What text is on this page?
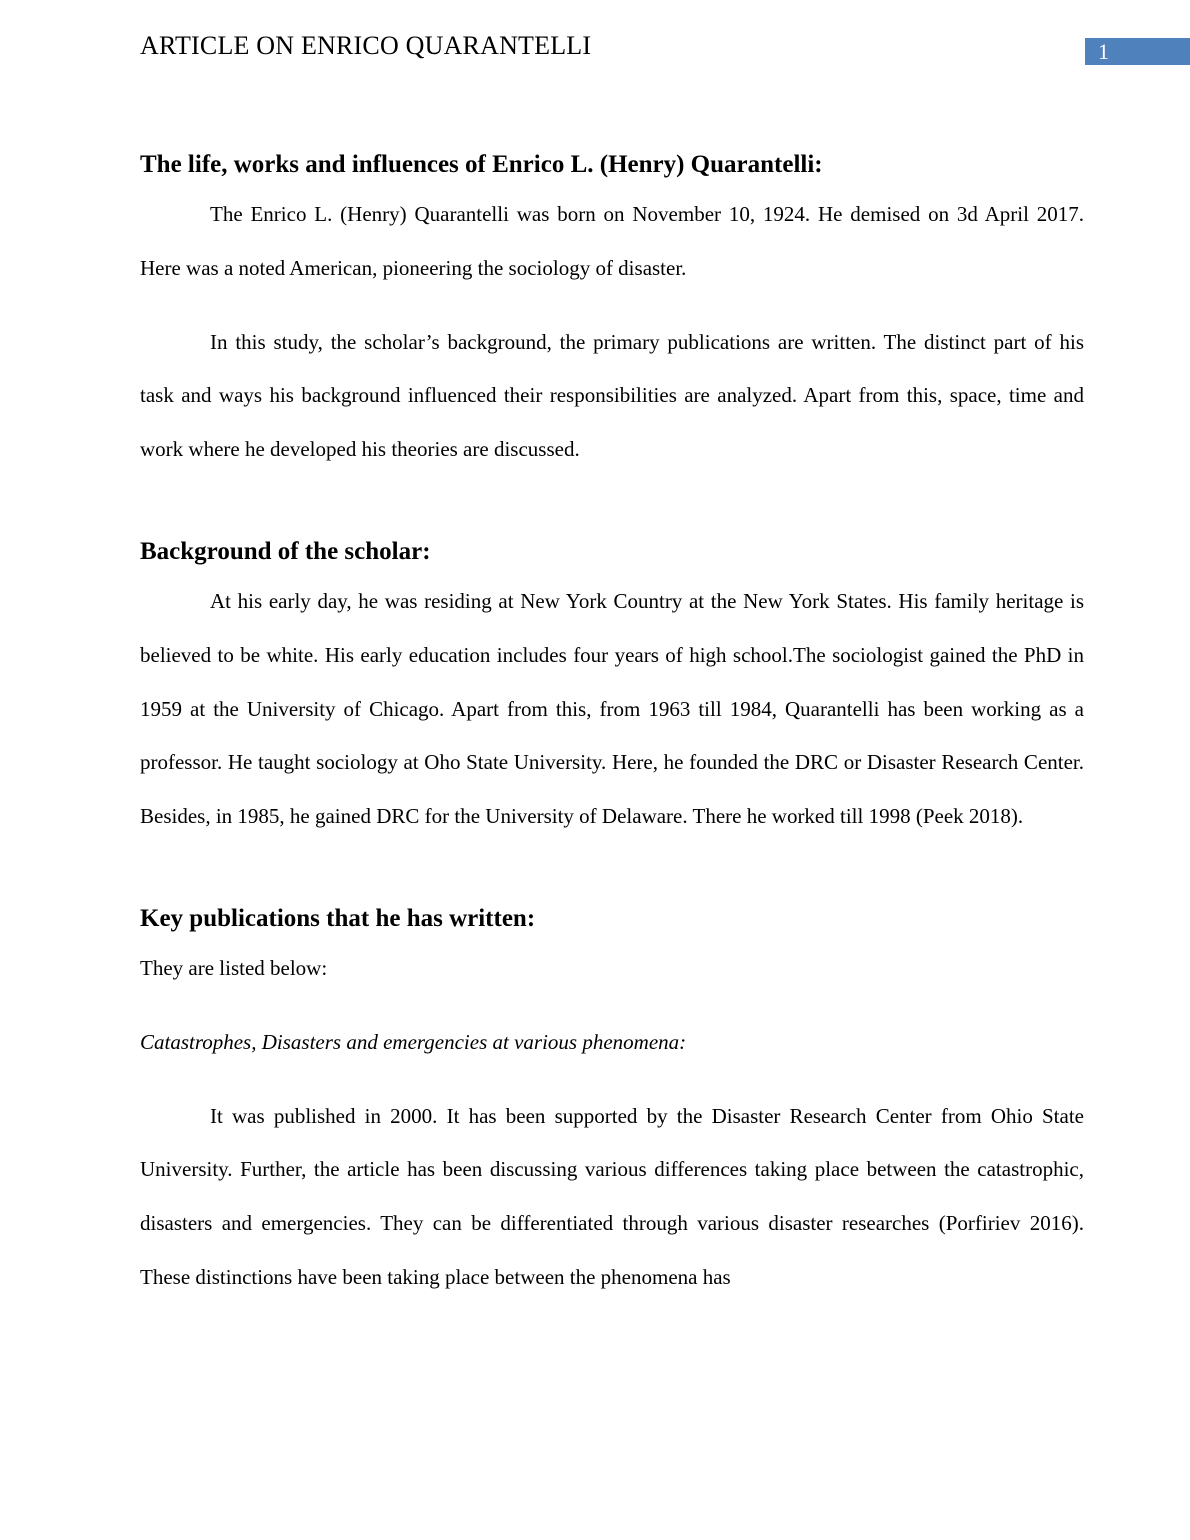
ARTICLE ON ENRICO QUARANTELLI	1
The life, works and influences of Enrico L. (Henry) Quarantelli:

The Enrico L. (Henry) Quarantelli was born on November 10, 1924. He demised on 3d April 2017. Here was a noted American, pioneering the sociology of disaster.

In this study, the scholar’s background, the primary publications are written. The distinct part of his task and ways his background influenced their responsibilities are analyzed. Apart from this, space, time and work where he developed his theories are discussed.

Background of the scholar:

At his early day, he was residing at New York Country at the New York States. His family heritage is believed to be white. His early education includes four years of high school.The sociologist gained the PhD in 1959 at the University of Chicago. Apart from this, from 1963 till 1984, Quarantelli has been working as a professor. He taught sociology at Oho State University. Here, he founded the DRC or Disaster Research Center. Besides, in 1985, he gained DRC for the University of Delaware. There he worked till 1998 (Peek 2018).

Key publications that he has written:

They are listed below:

Catastrophes, Disasters and emergencies at various phenomena:

It was published in 2000. It has been supported by the Disaster Research Center from Ohio State University. Further, the article has been discussing various differences taking place between the catastrophic, disasters and emergencies. They can be differentiated through various disaster researches (Porfiriev 2016). These distinctions have been taking place between the phenomena has
